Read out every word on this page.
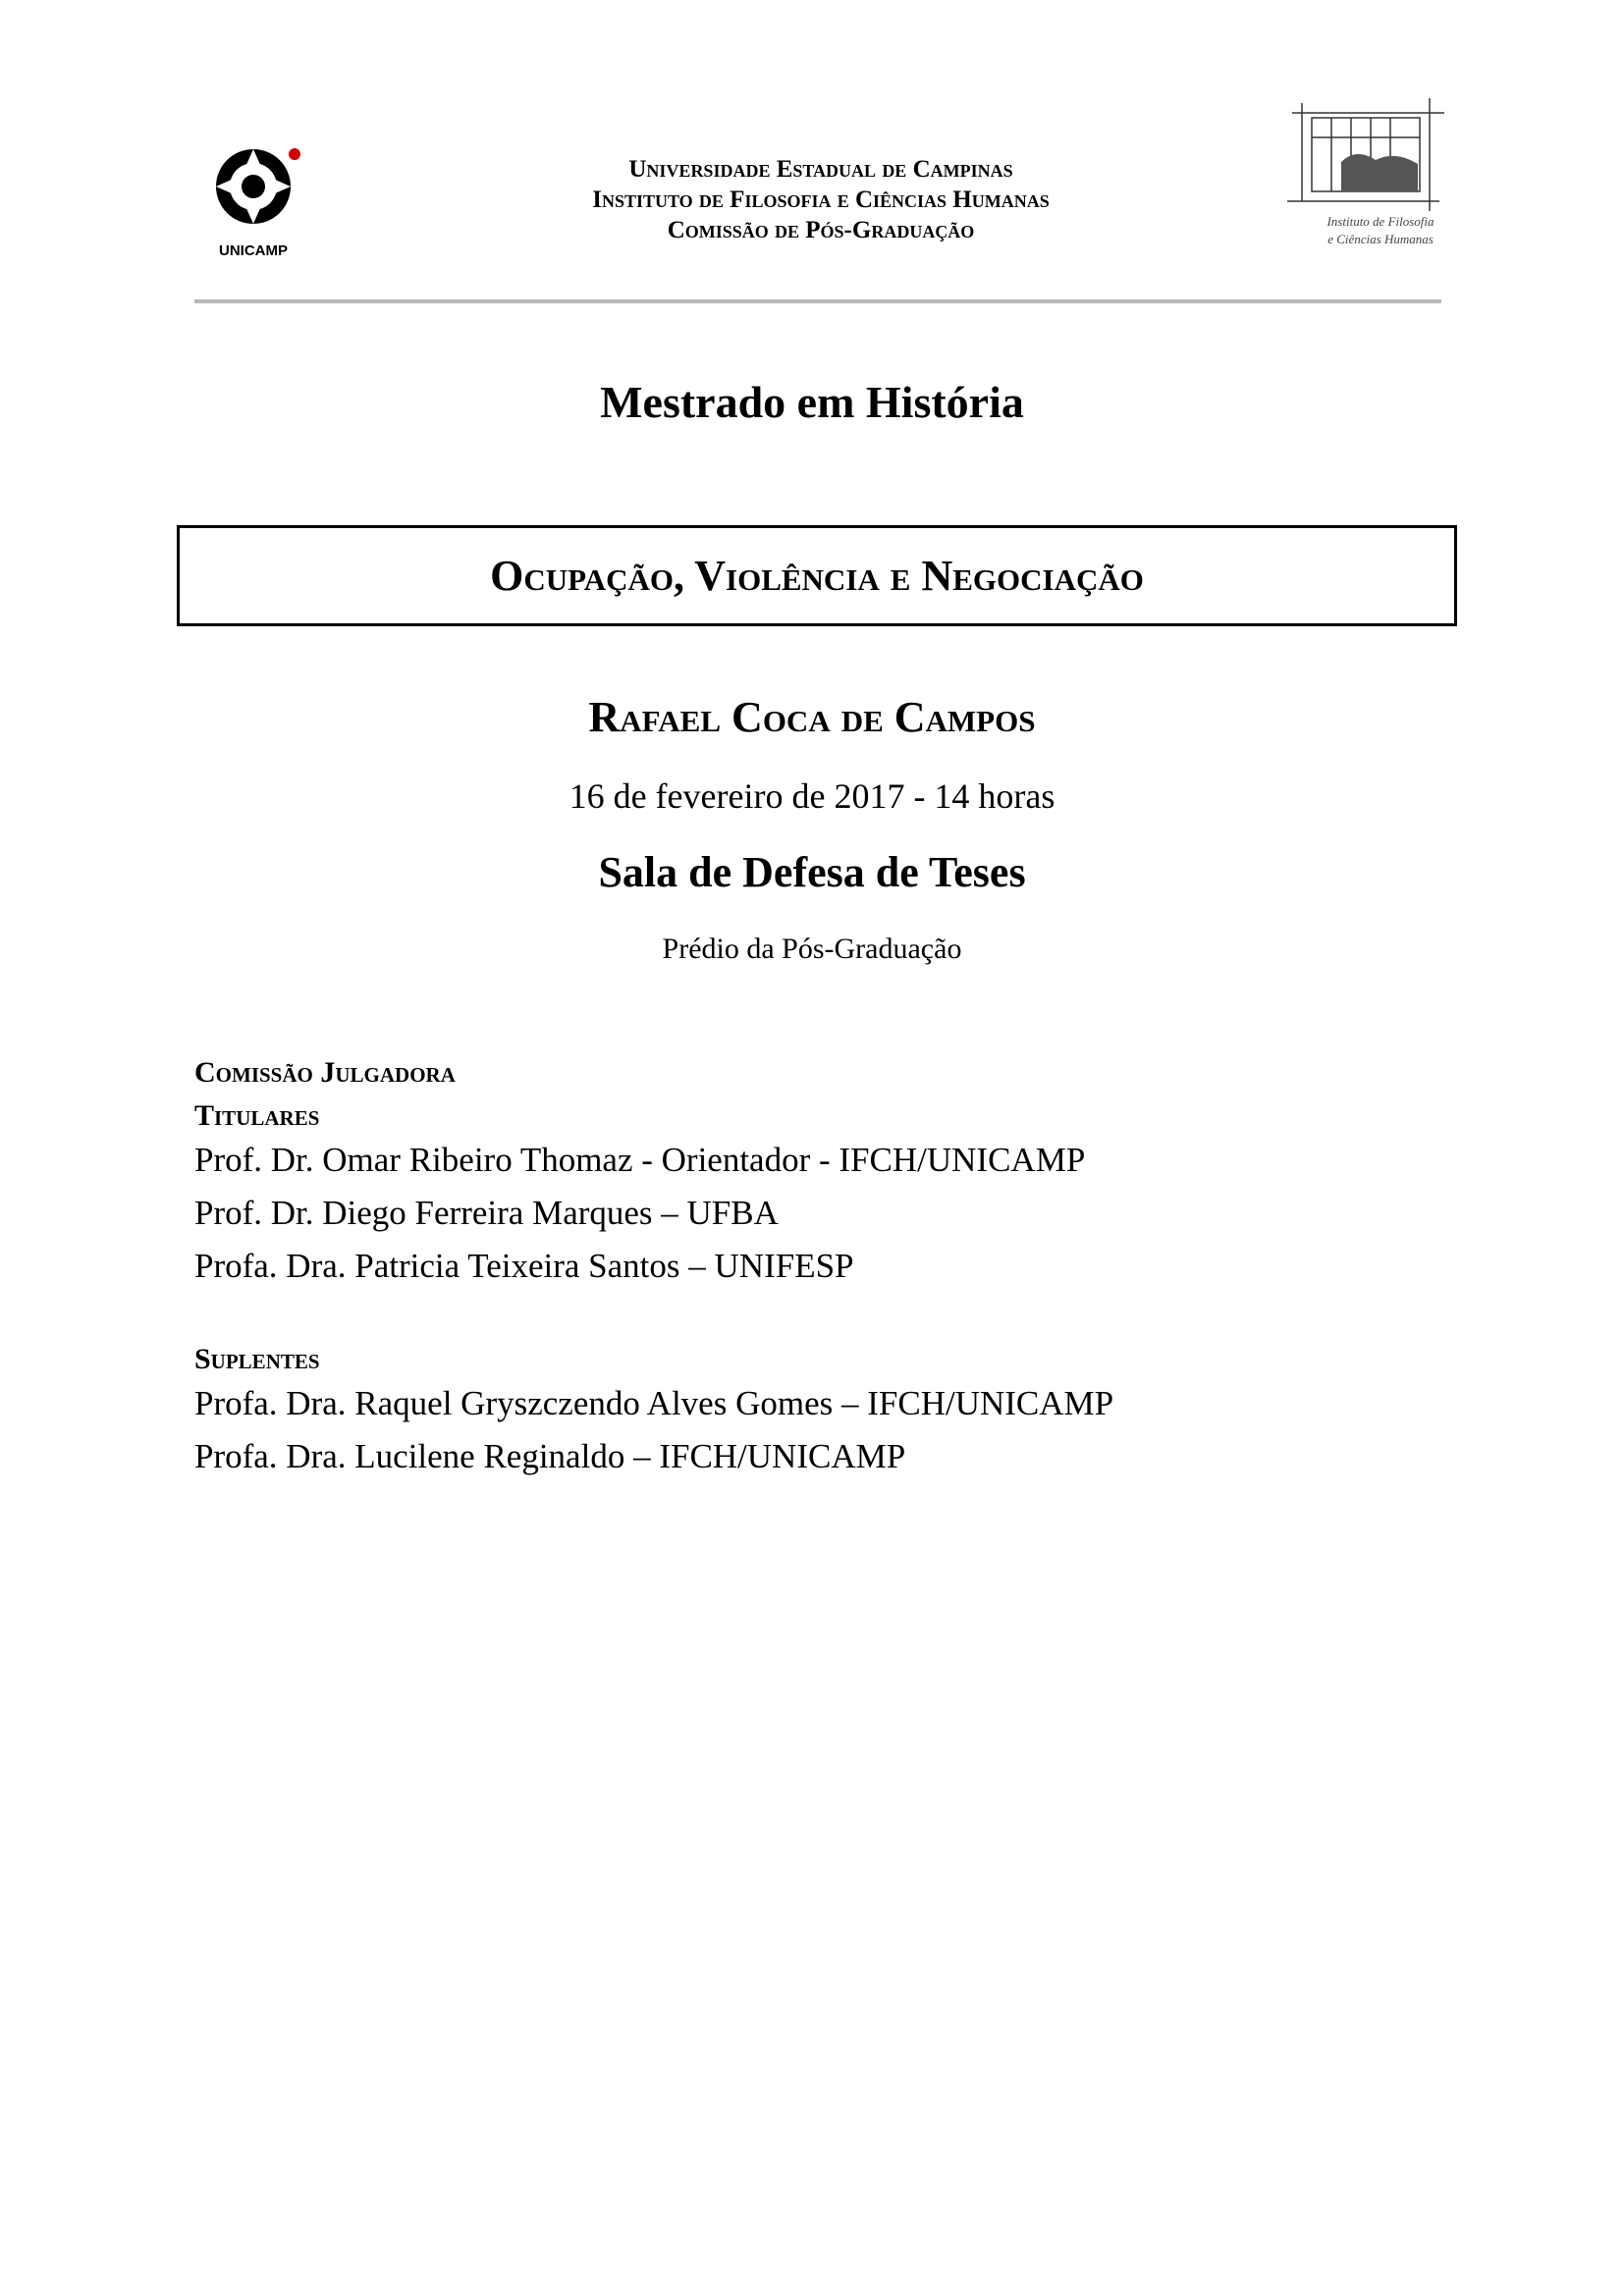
UNICAMP
Universidade Estadual de Campinas
Instituto de Filosofia e Ciências Humanas
Comissão de Pós-Graduação	Instituto de Filosofia
e Ciências Humanas
Mestrado em História
Ocupação, Violência e Negociação
Rafael Coca de Campos
16 de fevereiro de 2017 - 14 horas
Sala de Defesa de Teses
Prédio da Pós-Graduação

Comissão Julgadora

Titulares

Prof. Dr. Omar Ribeiro Thomaz - Orientador - IFCH/UNICAMP

Prof. Dr. Diego Ferreira Marques – UFBA

Profa. Dra. Patricia Teixeira Santos – UNIFESP

Suplentes

Profa. Dra. Raquel Gryszczendo Alves Gomes – IFCH/UNICAMP

Profa. Dra. Lucilene Reginaldo – IFCH/UNICAMP
